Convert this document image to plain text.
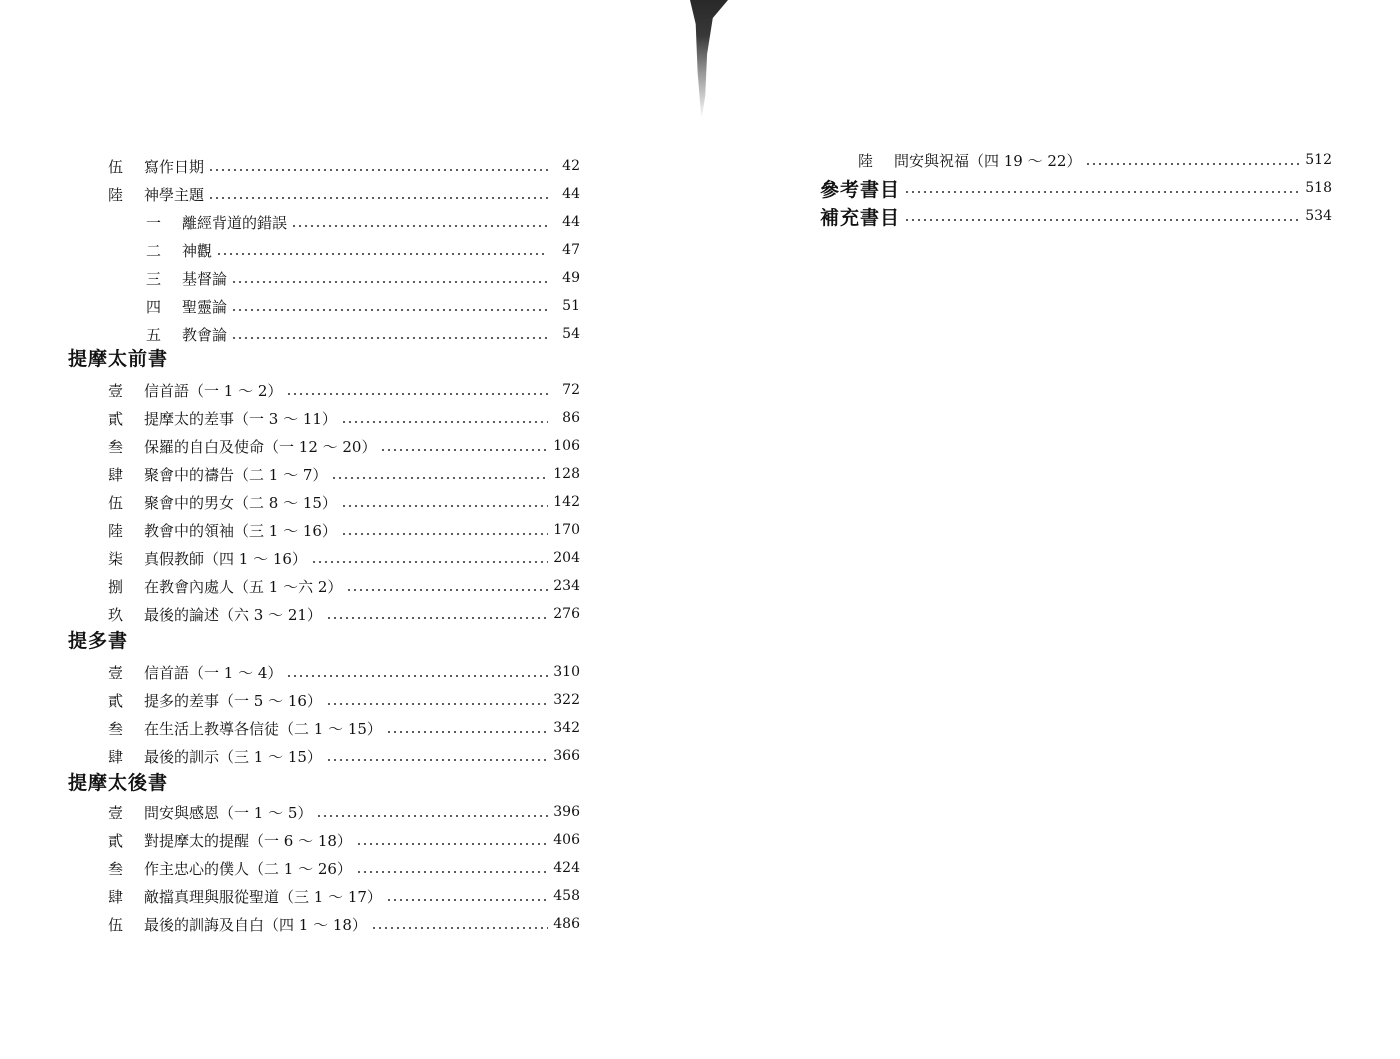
伍	寫作日期	42
陸	神學主題	44
一	離經背道的錯誤	44
二	神觀	47
三	基督論	49
四	聖靈論	51
五	教會論	54
提摩太前書
壹	信首語（一 1 ～ 2）	72
貳	提摩太的差事（一 3 ～ 11）	86
叁	保羅的自白及使命（一 12 ～ 20）	106
肆	聚會中的禱告（二 1 ～ 7）	128
伍	聚會中的男女（二 8 ～ 15）	142
陸	教會中的領袖（三 1 ～ 16）	170
柒	真假教師（四 1 ～ 16）	204
捌	在教會內處人（五 1 ～六 2）	234
玖	最後的論述（六 3 ～ 21）	276
提多書
壹	信首語（一 1 ～ 4）	310
貳	提多的差事（一 5 ～ 16）	322
叁	在生活上教導各信徒（二 1 ～ 15）	342
肆	最後的訓示（三 1 ～ 15）	366
提摩太後書
壹	問安與感恩（一 1 ～ 5）	396
貳	對提摩太的提醒（一 6 ～ 18）	406
叁	作主忠心的僕人（二 1 ～ 26）	424
肆	敵擋真理與服從聖道（三 1 ～ 17）	458
伍	最後的訓誨及自白（四 1 ～ 18）	486
陸	問安與祝福（四 19 ～ 22）	512
參考書目	518
補充書目	534
